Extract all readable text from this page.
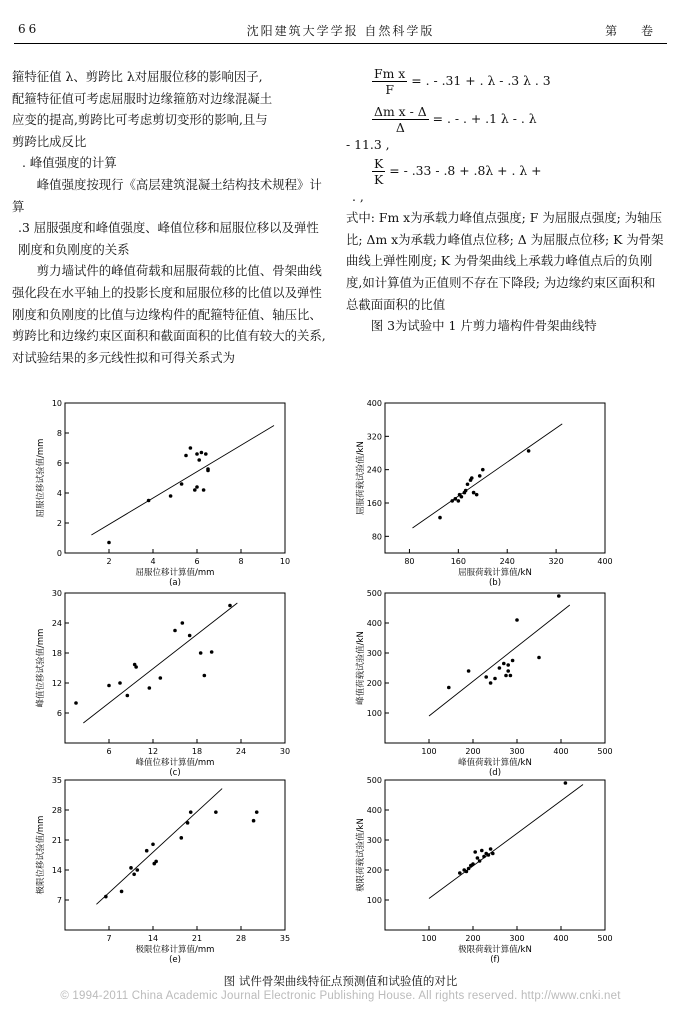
66	沈阳建筑大学学报 自然科学版	第 卷

箍特征值 λ、剪跨比 λ对屈服位移的影响因子,

配箍特征值可考虑屈服时边缘箍筋对边缘混凝土

应变的提高,剪跨比可考虑剪切变形的影响,且与

剪跨比成反比

. 峰值强度的计算

峰值强度按现行《高层建筑混凝土结构技术规程》计算

.3 屈服强度和峰值强度、峰值位移和屈服位移以及弹性刚度和负刚度的关系

剪力墙试件的峰值荷载和屈服荷载的比值、骨架曲线强化段在水平轴上的投影长度和屈服位移的比值以及弹性刚度和负刚度的比值与边缘构件的配箍特征值、轴压比、剪跨比和边缘约束区面积和截面面积的比值有较大的关系,对试验结果的多元线性拟和可得关系式为

$\frac{\text{Fm x}}{F}$ = . - .31 + . λ - .3 λ . 3
$\frac{\text{Δm x - Δ}}{\Delta}$ = . - . + .1 λ - . λ

- 11.3 ,

$\frac{K}{K}$ = - .33 - .8 + .8λ + . λ +

. ,

式中: Fm x为承载力峰值点强度; F 为屈服点强度; 为轴压比; Δm x为承载力峰值点位移; Δ 为屈服点位移; K 为骨架曲线上弹性刚度; K 为骨架曲线上承载力峰值点后的负刚度,如计算值为正值则不存在下降段; 为边缘约束区面积和总截面面积的比值

图 3为试验中 1 片剪力墙构件骨架曲线特

2	4	6	8	10
0
2
4
6
8
10
屈服位移计算值/mm
(a)
屈服位移试验值/mm
80	160	240	320	400
80
160
240
320
400
屈服荷载计算值/kN
(b)
屈服荷载试验值/kN
6	12	18	24	30
6
12
18
24
30
峰值位移计算值/mm
(c)
峰值位移试验值/mm
100	200	300	400	500
100
200
300
400
500
峰值荷载计算值/kN
(d)
峰值荷载试验值/kN
7	14	21	28	35
7
14
21
28
35
极限位移计算值/mm
(e)
极限位移试验值/mm
100	200	300	400	500
100
200
300
400
500
极限荷载计算值/kN
(f)
极限荷载试验值/kN
图 试件骨架曲线特征点预测值和试验值的对比
© 1994-2011 China Academic Journal Electronic Publishing House. All rights reserved. http://www.cnki.net
